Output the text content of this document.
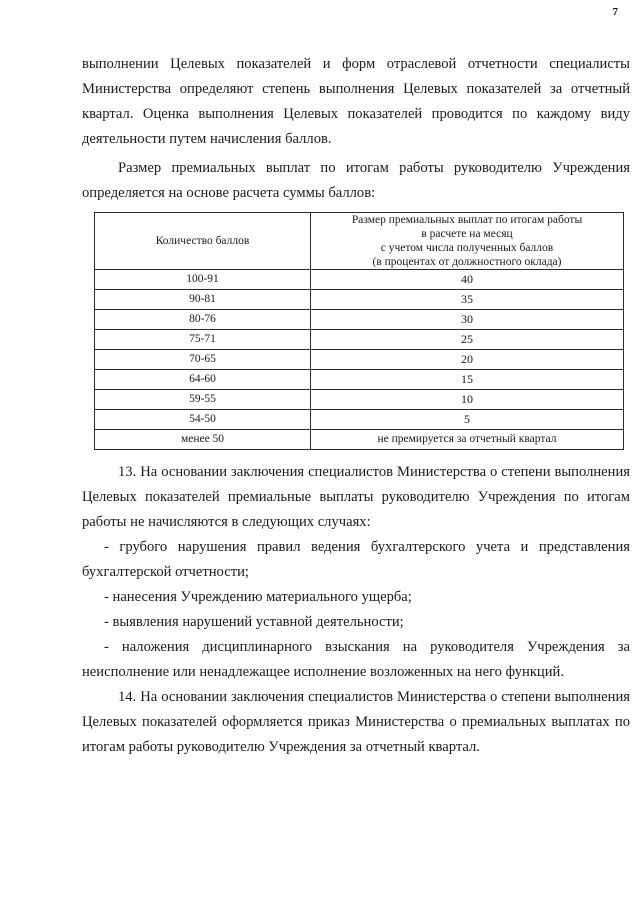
7

выполнении Целевых показателей и форм отраслевой отчетности специалисты Министерства определяют степень выполнения Целевых показателей за отчетный квартал. Оценка выполнения Целевых показателей проводится по каждому виду деятельности путем начисления баллов.

Размер премиальных выплат по итогам работы руководителю Учреждения определяется на основе расчета суммы баллов:

Количество баллов	Размер премиальных выплат по итогам работы
в расчете на месяц
с учетом числа полученных баллов
(в процентах от должностного оклада)

100-91	40
90-81	35
80-76	30
75-71	25
70-65	20
64-60	15
59-55	10
54-50	5
менее 50	не премируется за отчетный квартал

13. На основании заключения специалистов Министерства о степени выполнения Целевых показателей премиальные выплаты руководителю Учреждения по итогам работы не начисляются в следующих случаях:

- грубого нарушения правил ведения бухгалтерского учета и представления бухгалтерской отчетности;

- нанесения Учреждению материального ущерба;

- выявления нарушений уставной деятельности;

- наложения дисциплинарного взыскания на руководителя Учреждения за неисполнение или ненадлежащее исполнение возложенных на него функций.

14. На основании заключения специалистов Министерства о степени выполнения Целевых показателей оформляется приказ Министерства о премиальных выплатах по итогам работы руководителю Учреждения за отчетный квартал.
